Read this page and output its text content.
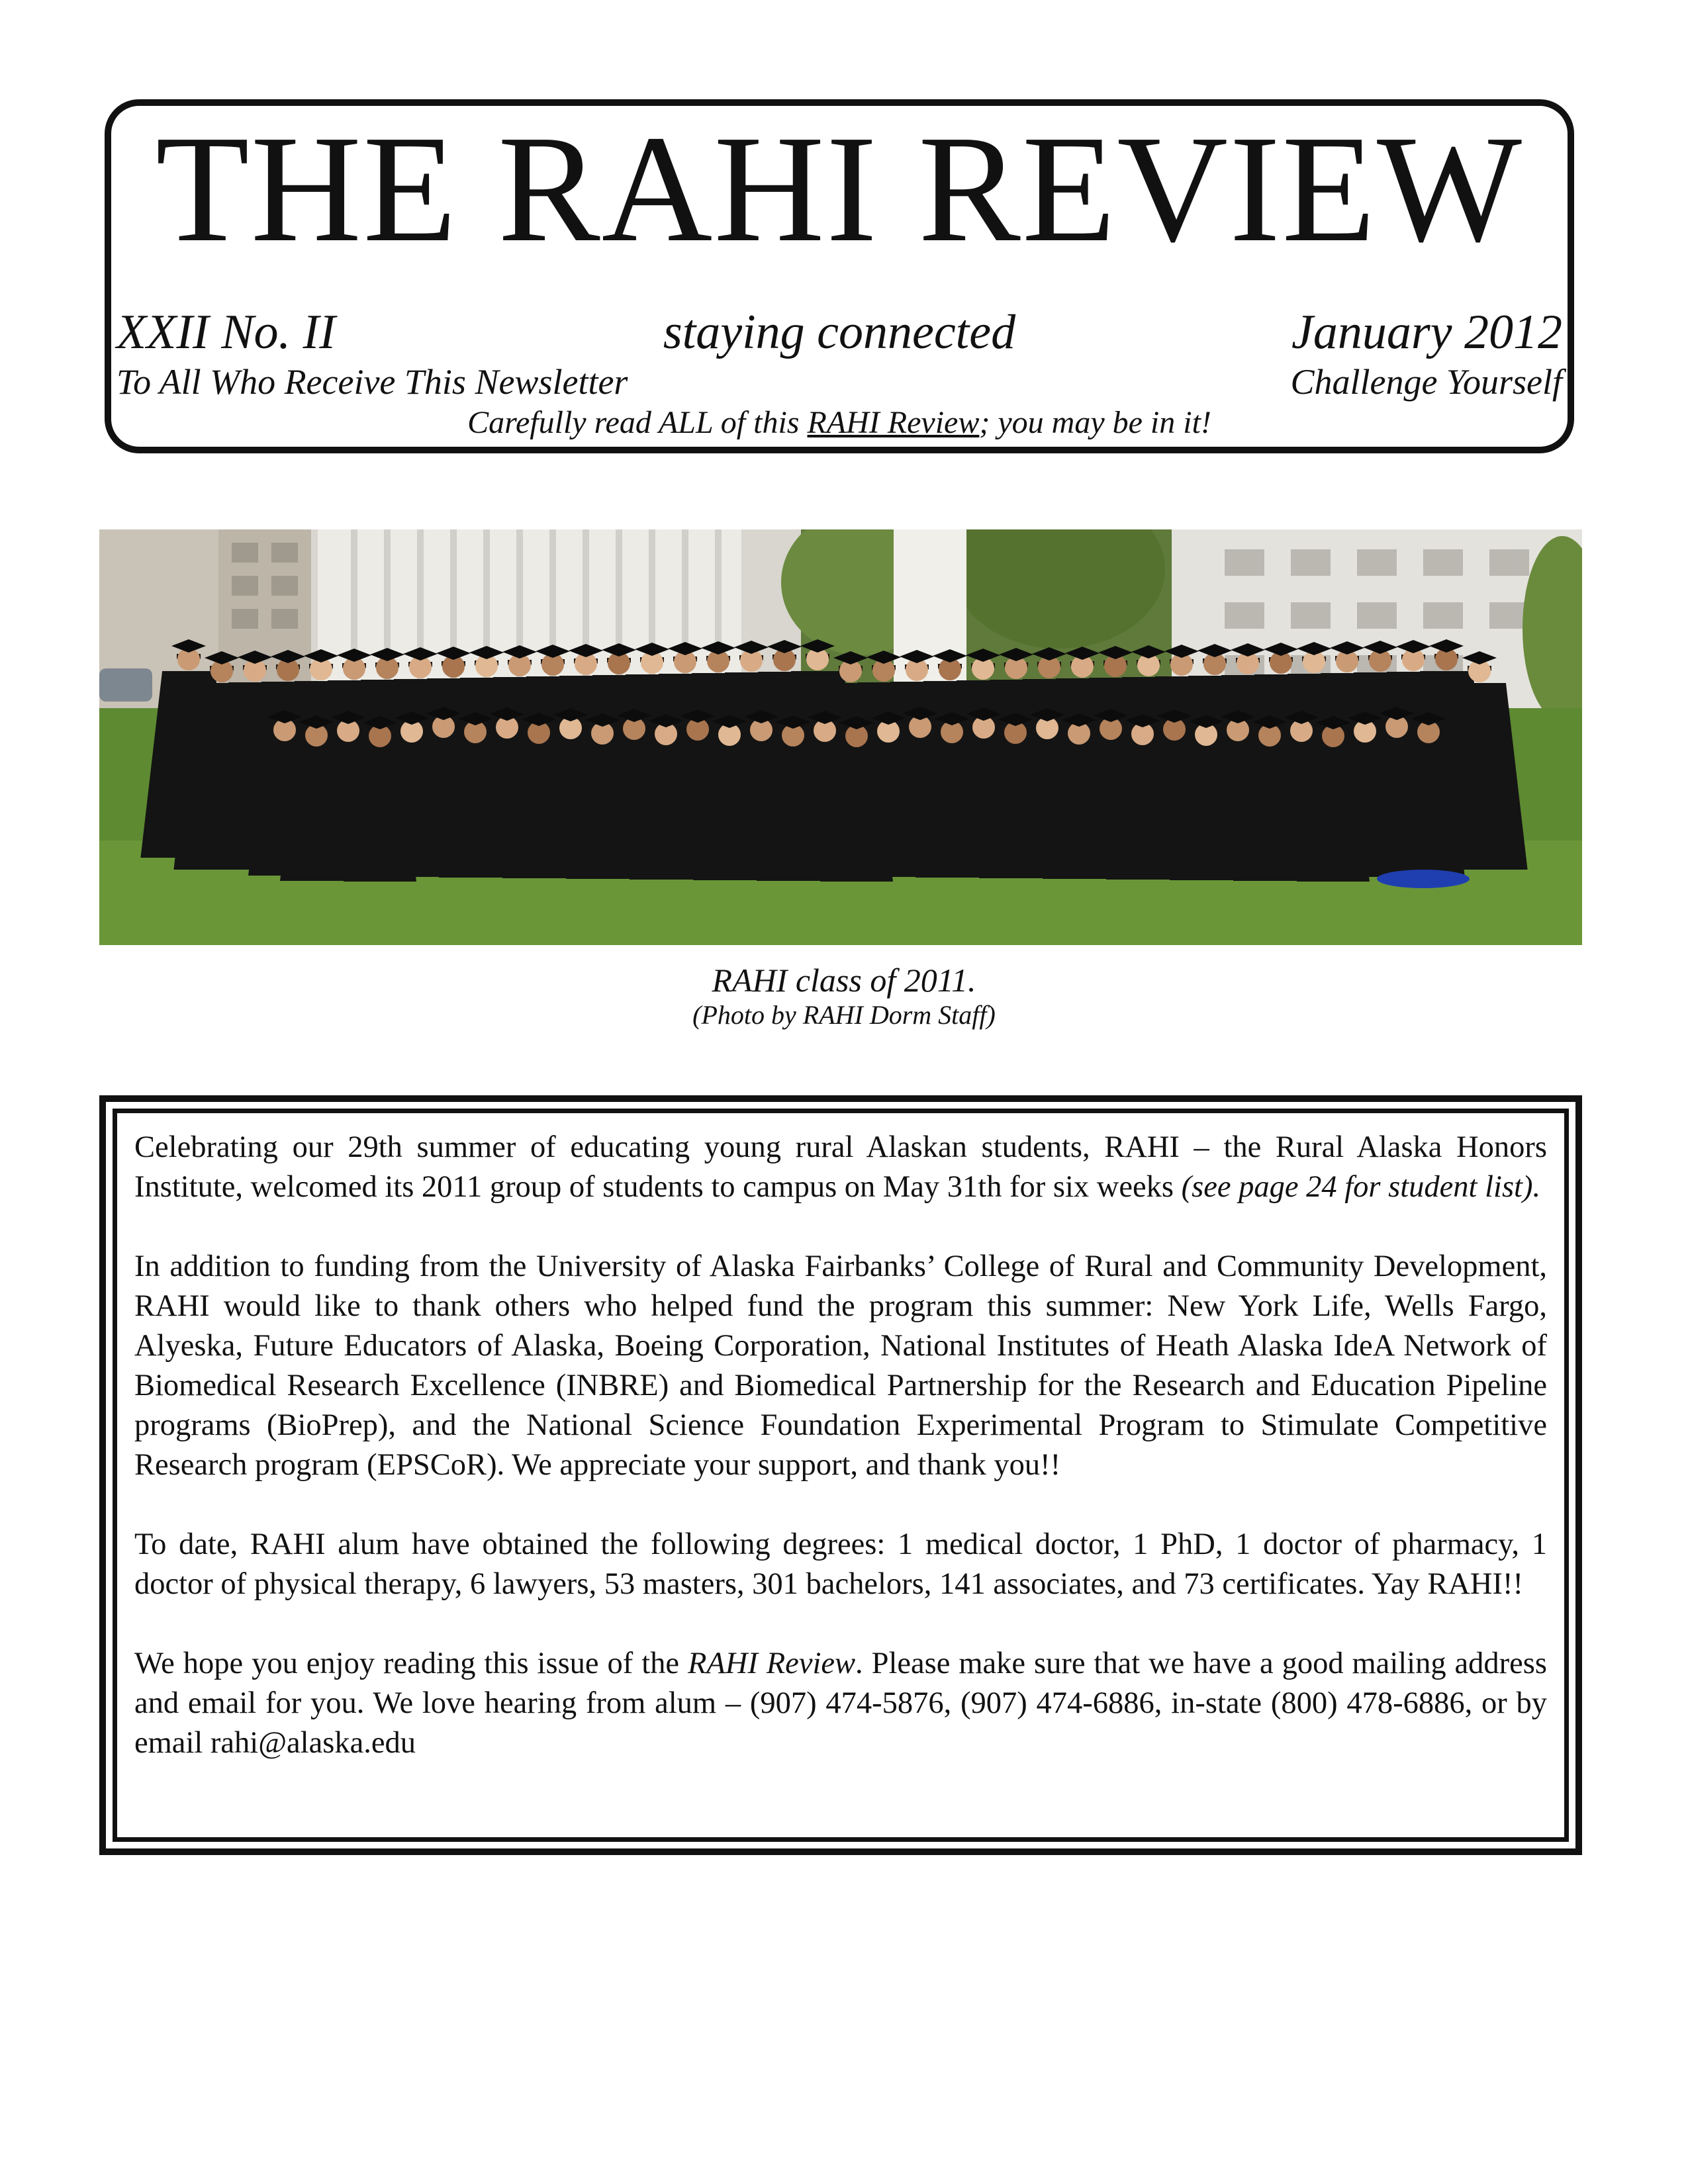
THE RAHI REVIEW
XXII No. II	staying connected	January 2012
To All Who Receive This Newsletter	Challenge Yourself
Carefully read ALL of this RAHI Review; you may be in it!
RAHI class of 2011.
(Photo by RAHI Dorm Staff)

Celebrating our 29th summer of educating young rural Alaskan students, RAHI – the Rural Alaska Honors Institute, welcomed its 2011 group of students to campus on May 31th for six weeks (see page 24 for student list).

In addition to funding from the University of Alaska Fairbanks’ College of Rural and Community Development, RAHI would like to thank others who helped fund the program this summer: New York Life, Wells Fargo, Alyeska, Future Educators of Alaska, Boeing Corporation, National Institutes of Heath Alaska IdeA Network of Biomedical Research Excellence (INBRE) and Biomedical Partnership for the Research and Education Pipeline programs (BioPrep), and the National Science Foundation Experimental Program to Stimulate Competitive Research program (EPSCoR). We appreciate your support, and thank you!!

To date, RAHI alum have obtained the following degrees: 1 medical doctor, 1 PhD, 1 doctor of pharmacy, 1 doctor of physical therapy, 6 lawyers, 53 masters, 301 bachelors, 141 associates, and 73 certificates. Yay RAHI!!

We hope you enjoy reading this issue of the RAHI Review. Please make sure that we have a good mailing address and email for you. We love hearing from alum – (907) 474-5876, (907) 474-6886, in-state (800) 478-6886, or by email rahi@alaska.edu
